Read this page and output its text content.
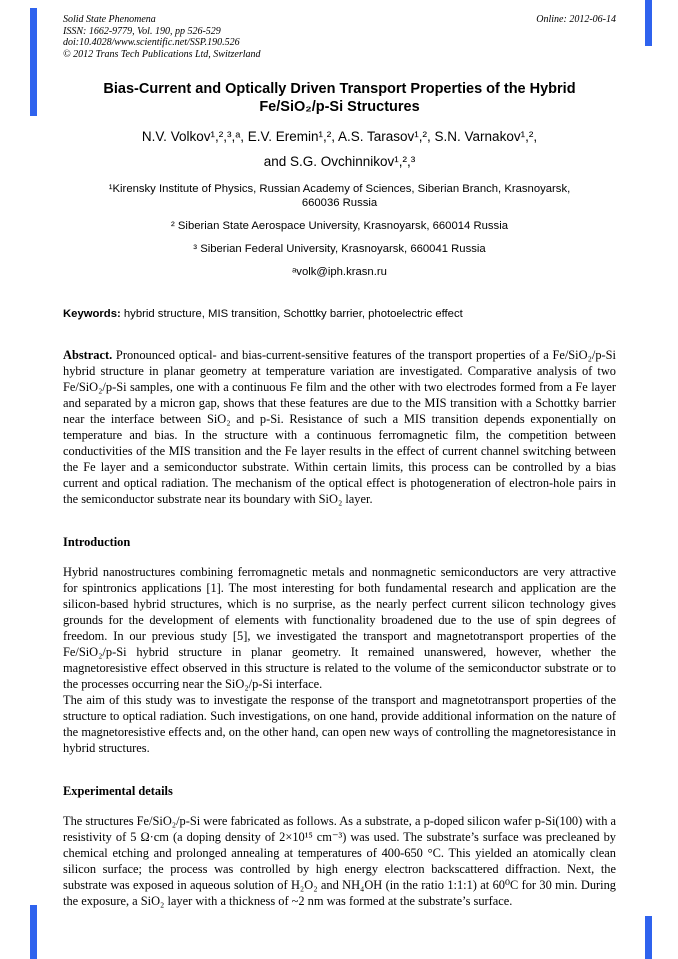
Solid State Phenomena
ISSN: 1662-9779, Vol. 190, pp 526-529
doi:10.4028/www.scientific.net/SSP.190.526
© 2012 Trans Tech Publications Ltd, Switzerland
Online: 2012-06-14
Bias-Current and Optically Driven Transport Properties of the Hybrid
Fe/SiO₂/p-Si Structures
N.V. Volkov¹,²,³,ᵃ, E.V. Eremin¹,², A.S. Tarasov¹,², S.N. Varnakov¹,²,
and S.G. Ovchinnikov¹,²,³

¹Kirensky Institute of Physics, Russian Academy of Sciences, Siberian Branch, Krasnoyarsk, 660036 Russia

² Siberian State Aerospace University, Krasnoyarsk, 660014 Russia

³ Siberian Federal University, Krasnoyarsk, 660041 Russia

ᵃvolk@iph.krasn.ru

Keywords: hybrid structure, MIS transition, Schottky barrier, photoelectric effect

Abstract. Pronounced optical- and bias-current-sensitive features of the transport properties of a Fe/SiO₂/p-Si hybrid structure in planar geometry at temperature variation are investigated. Comparative analysis of two Fe/SiO₂/p-Si samples, one with a continuous Fe film and the other with two electrodes formed from a Fe layer and separated by a micron gap, shows that these features are due to the MIS transition with a Schottky barrier near the interface between SiO₂ and p-Si. Resistance of such a MIS transition depends exponentially on temperature and bias. In the structure with a continuous ferromagnetic film, the competition between conductivities of the MIS transition and the Fe layer results in the effect of current channel switching between the Fe layer and a semiconductor substrate. Within certain limits, this process can be controlled by a bias current and optical radiation. The mechanism of the optical effect is photogeneration of electron-hole pairs in the semiconductor substrate near its boundary with SiO₂ layer.

Introduction

Hybrid nanostructures combining ferromagnetic metals and nonmagnetic semiconductors are very attractive for spintronics applications [1]. The most interesting for both fundamental research and application are the silicon-based hybrid structures, which is no surprise, as the nearly perfect current silicon technology gives grounds for the development of elements with functionality broadened due to the use of spin degrees of freedom. In our previous study [5], we investigated the transport and magnetotransport properties of the Fe/SiO₂/p-Si hybrid structure in planar geometry. It remained unanswered, however, whether the magnetoresistive effect observed in this structure is related to the volume of the semiconductor substrate or to the processes occurring near the SiO₂/p-Si interface.

The aim of this study was to investigate the response of the transport and magnetotransport properties of the structure to optical radiation. Such investigations, on one hand, provide additional information on the nature of the magnetoresistive effects and, on the other hand, can open new ways of controlling the magnetoresistance in hybrid structures.

Experimental details

The structures Fe/SiO₂/p-Si were fabricated as follows. As a substrate, a p-doped silicon wafer p-Si(100) with a resistivity of 5 Ω·cm (a doping density of 2×10¹⁵ cm⁻³) was used. The substrate’s surface was precleaned by chemical etching and prolonged annealing at temperatures of 400-650 °C. This yielded an atomically clean silicon surface; the process was controlled by high energy electron backscattered diffraction. Next, the substrate was exposed in aqueous solution of H₂O₂ and NH₄OH (in the ratio 1:1:1) at 60⁰C for 30 min. During the exposure, a SiO₂ layer with a thickness of ~2 nm was formed at the substrate’s surface.
